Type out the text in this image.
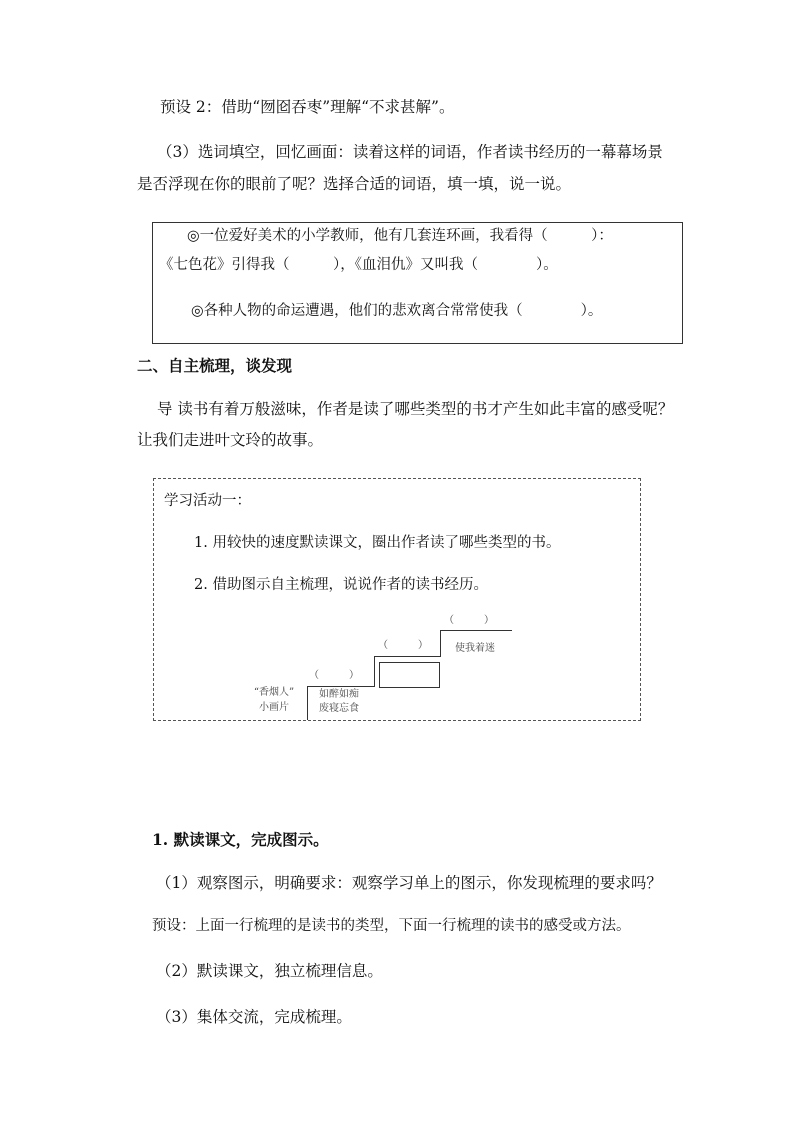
预设 2：借助“囫囵吞枣”理解“不求甚解”。
（3）选词填空，回忆画面：读着这样的词语，作者读书经历的一幕幕场景
是否浮现在你的眼前了呢？选择合适的词语，填一填，说一说。
◎一位爱好美术的小学教师，他有几套连环画，我看得（　　　）：
《七色花》引得我（　　　），《血泪仇》又叫我（　　　　）。
◎各种人物的命运遭遇，他们的悲欢离合常常使我（　　　　）。
二、自主梳理，谈发现
导 读书有着万般滋味，作者是读了哪些类型的书才产生如此丰富的感受呢？
让我们走进叶文玲的故事。
学习活动一：
1. 用较快的速度默读课文，圈出作者读了哪些类型的书。
2. 借助图示自主梳理，说说作者的读书经历。
“香烟人”
小画片
（　　　）
如醉如痴
废寝忘食
（　　　）
（　　　）
使我着迷
1. 默读课文，完成图示。
（1）观察图示，明确要求：观察学习单上的图示，你发现梳理的要求吗？
预设：上面一行梳理的是读书的类型，下面一行梳理的读书的感受或方法。
（2）默读课文，独立梳理信息。
（3）集体交流，完成梳理。
